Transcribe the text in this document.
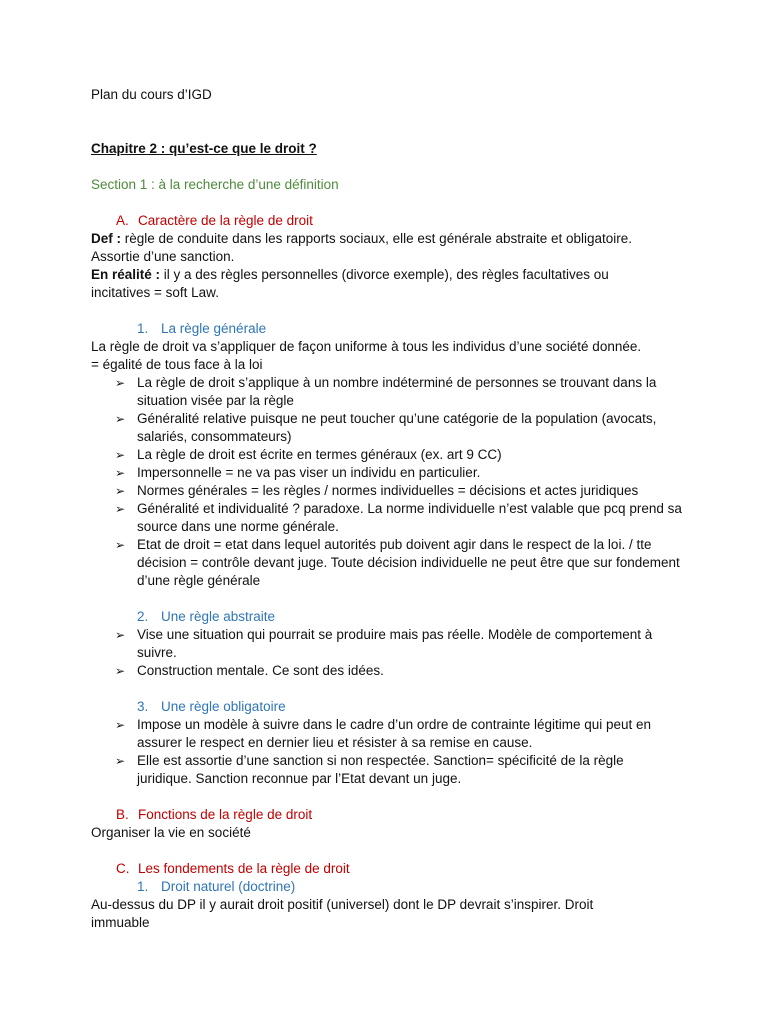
Plan du cours d’IGD
Chapitre 2 : qu’est-ce que le droit ?
Section 1 : à la recherche d’une définition
A. Caractère de la règle de droit
Def : règle de conduite dans les rapports sociaux, elle est générale abstraite et obligatoire.
Assortie d’une sanction.
En réalité : il y a des règles personnelles (divorce exemple), des règles facultatives ou
incitatives = soft Law.
1. La règle générale
La règle de droit va s’appliquer de façon uniforme à tous les individus d’une société donnée.
= égalité de tous face à la loi
➢ La règle de droit s’applique à un nombre indéterminé de personnes se trouvant dans la situation visée par la règle
➢ Généralité relative puisque ne peut toucher qu’une catégorie de la population (avocats, salariés, consommateurs)
➢ La règle de droit est écrite en termes généraux (ex. art 9 CC)
➢ Impersonnelle = ne va pas viser un individu en particulier.
➢ Normes générales = les règles / normes individuelles = décisions et actes juridiques
➢ Généralité et individualité ? paradoxe. La norme individuelle n’est valable que pcq prend sa source dans une norme générale.
➢ Etat de droit = etat dans lequel autorités pub doivent agir dans le respect de la loi. / tte décision = contrôle devant juge. Toute décision individuelle ne peut être que sur fondement d’une règle générale
2. Une règle abstraite
➢ Vise une situation qui pourrait se produire mais pas réelle. Modèle de comportement à suivre.
➢ Construction mentale. Ce sont des idées.
3. Une règle obligatoire
➢ Impose un modèle à suivre dans le cadre d’un ordre de contrainte légitime qui peut en assurer le respect en dernier lieu et résister à sa remise en cause.
➢ Elle est assortie d’une sanction si non respectée. Sanction= spécificité de la règle juridique. Sanction reconnue par l’Etat devant un juge.
B. Fonctions de la règle de droit
Organiser la vie en société
C. Les fondements de la règle de droit
1. Droit naturel (doctrine)
Au-dessus du DP il y aurait droit positif (universel) dont le DP devrait s’inspirer. Droit
immuable
